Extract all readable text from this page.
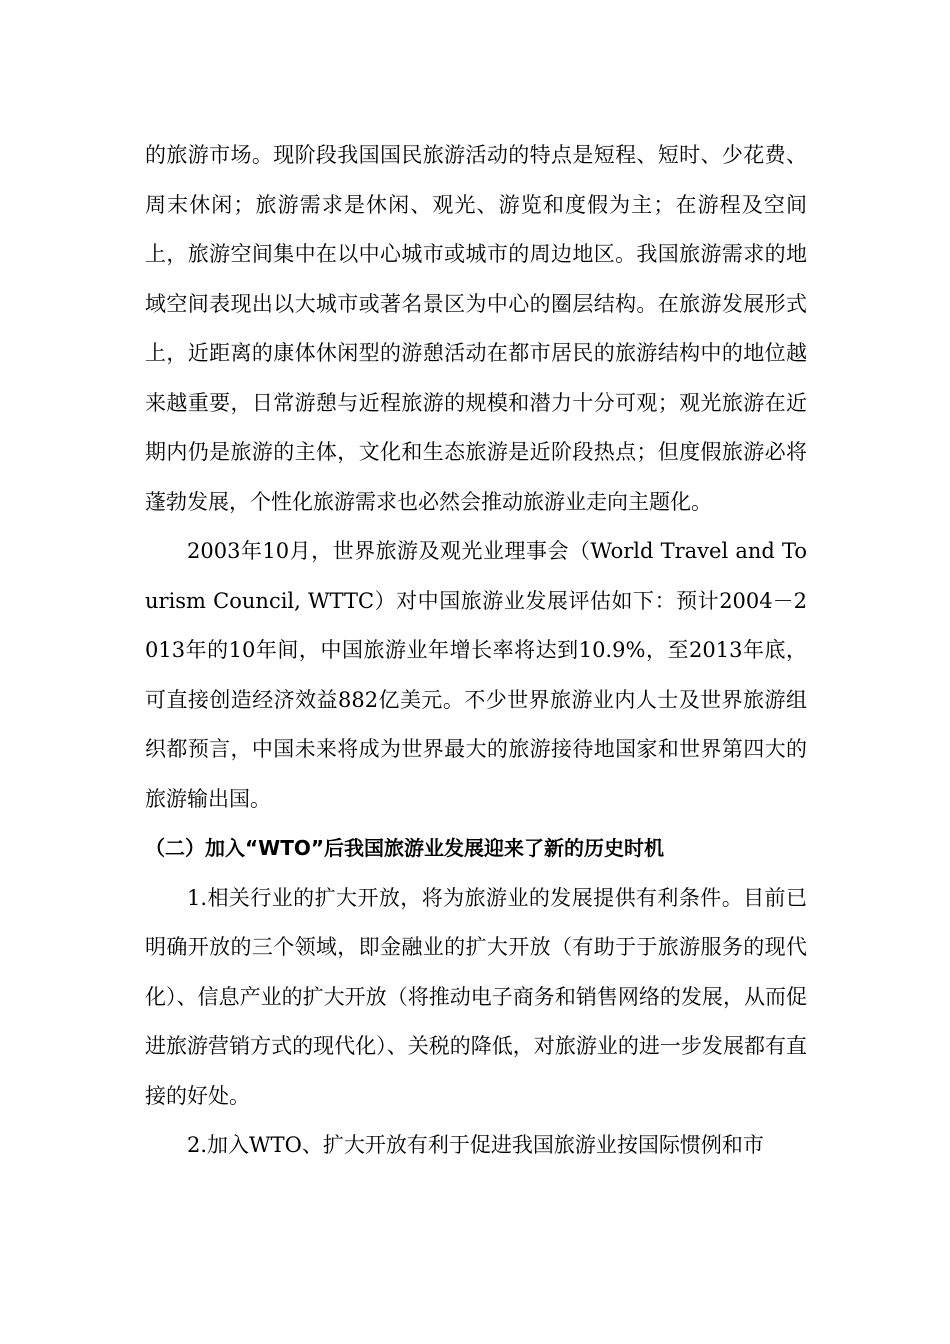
的旅游市场。现阶段我国国民旅游活动的特点是短程、短时、少花费、周末休闲；旅游需求是休闲、观光、游览和度假为主；在游程及空间上，旅游空间集中在以中心城市或城市的周边地区。我国旅游需求的地域空间表现出以大城市或著名景区为中心的圈层结构。在旅游发展形式上，近距离的康体休闲型的游憩活动在都市居民的旅游结构中的地位越来越重要，日常游憩与近程旅游的规模和潜力十分可观；观光旅游在近期内仍是旅游的主体，文化和生态旅游是近阶段热点；但度假旅游必将蓬勃发展，个性化旅游需求也必然会推动旅游业走向主题化。

2003年10月，世界旅游及观光业理事会（World Travel and Tourism Council, WTTC）对中国旅游业发展评估如下：预计2004－2013年的10年间，中国旅游业年增长率将达到10.9%，至2013年底，可直接创造经济效益882亿美元。不少世界旅游业内人士及世界旅游组织都预言，中国未来将成为世界最大的旅游接待地国家和世界第四大的旅游输出国。

（二）加入“WTO”后我国旅游业发展迎来了新的历史时机

1.相关行业的扩大开放，将为旅游业的发展提供有利条件。目前已明确开放的三个领域，即金融业的扩大开放（有助于于旅游服务的现代化）、信息产业的扩大开放（将推动电子商务和销售网络的发展，从而促进旅游营销方式的现代化）、关税的降低，对旅游业的进一步发展都有直接的好处。

2.加入WTO、扩大开放有利于促进我国旅游业按国际惯例和市
